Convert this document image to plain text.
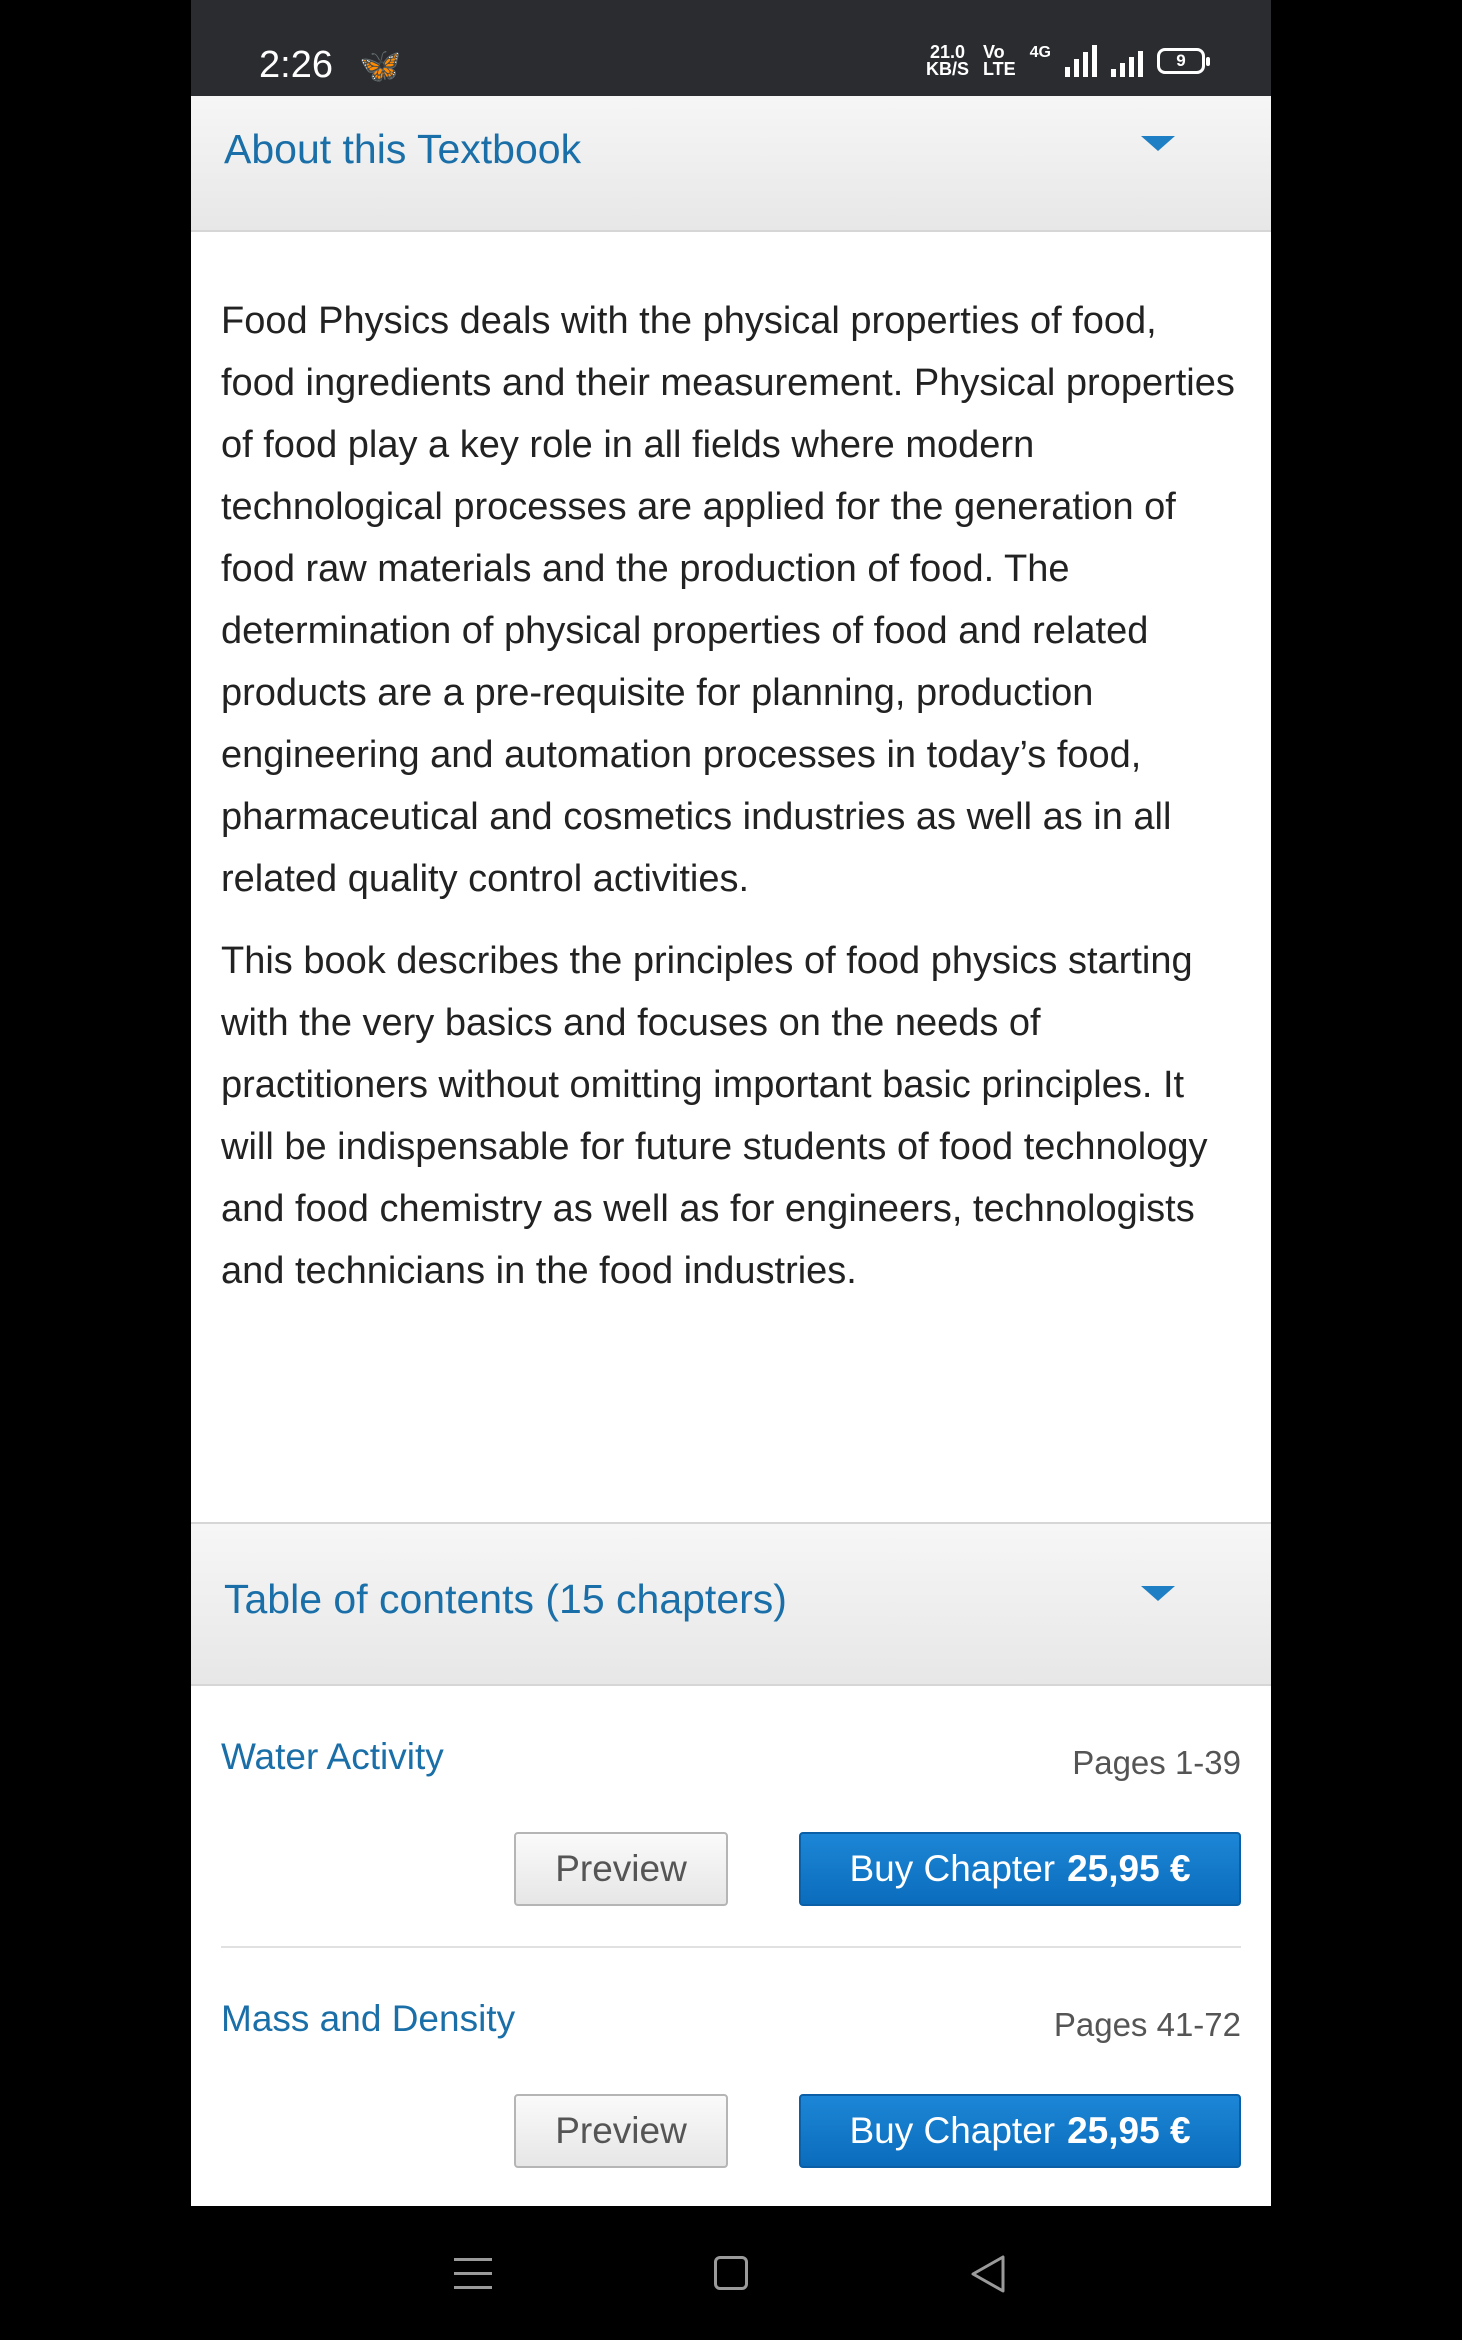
2:26 🦋	21.0
KB/S
Vo
LTE
4G	9
About this Textbook

Food Physics deals with the physical properties of food, food ingredients and their measurement. Physical properties of food play a key role in all fields where modern technological processes are applied for the generation of food raw materials and the production of food. The determination of physical properties of food and related products are a pre-requisite for planning, production engineering and automation processes in today’s food, pharmaceutical and cosmetics industries as well as in all related quality control activities.

This book describes the principles of food physics starting with the very basics and focuses on the needs of practitioners without omitting important basic principles. It will be indispensable for future students of food technology and food chemistry as well as for engineers, technologists and technicians in the food industries.

Table of contents (15 chapters)
Water Activity	Pages 1-39
Preview	Buy Chapter 25,95 €
Mass and Density	Pages 41-72
Preview	Buy Chapter 25,95 €
